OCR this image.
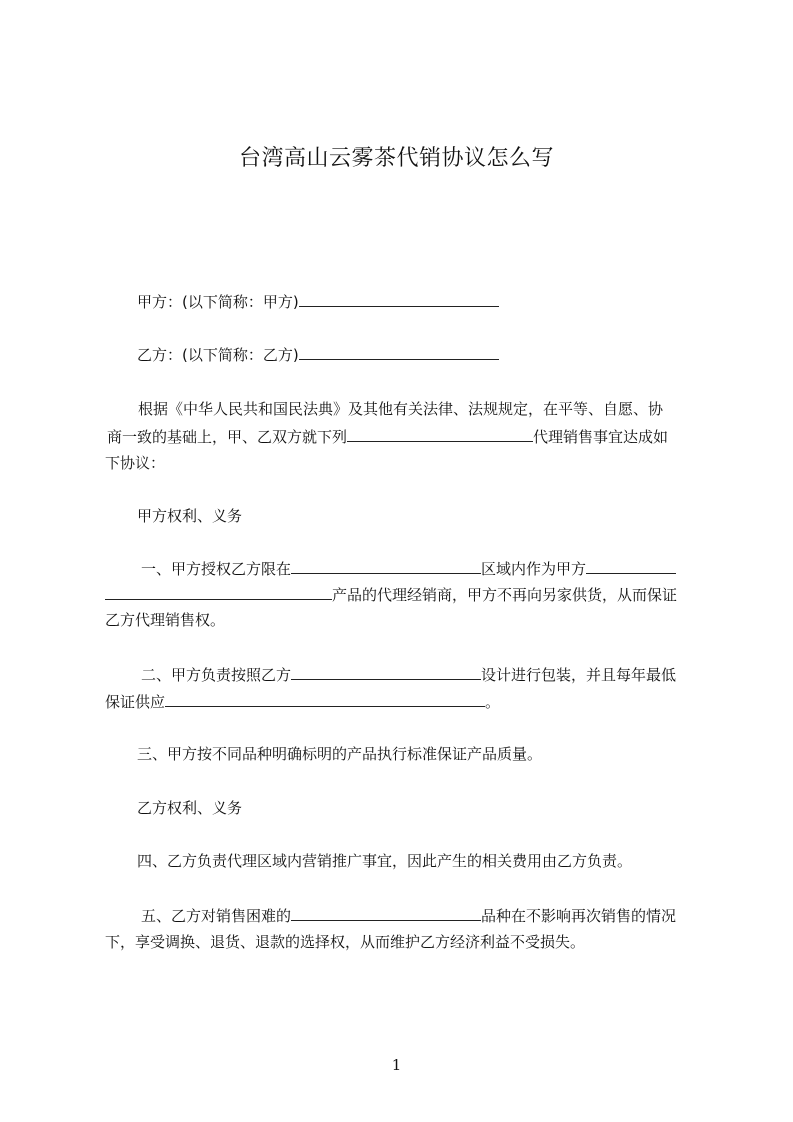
台湾高山云雾茶代销协议怎么写
甲方：(以下简称：甲方)
乙方：(以下简称：乙方)
根据《中华人民共和国民法典》及其他有关法律、法规规定，在平等、自愿、协
商一致的基础上，甲、乙双方就下列	代理销售事宜达成如
下协议：
甲方权利、义务
一、甲方授权乙方限在	区域内作为甲方
产品的代理经销商，甲方不再向另家供货，从而保证
乙方代理销售权。
二、甲方负责按照乙方	设计进行包装，并且每年最低
保证供应	。
三、甲方按不同品种明确标明的产品执行标准保证产品质量。
乙方权利、义务
四、乙方负责代理区域内营销推广事宜，因此产生的相关费用由乙方负责。
五、乙方对销售困难的	品种在不影响再次销售的情况
下，享受调换、退货、退款的选择权，从而维护乙方经济利益不受损失。
1
